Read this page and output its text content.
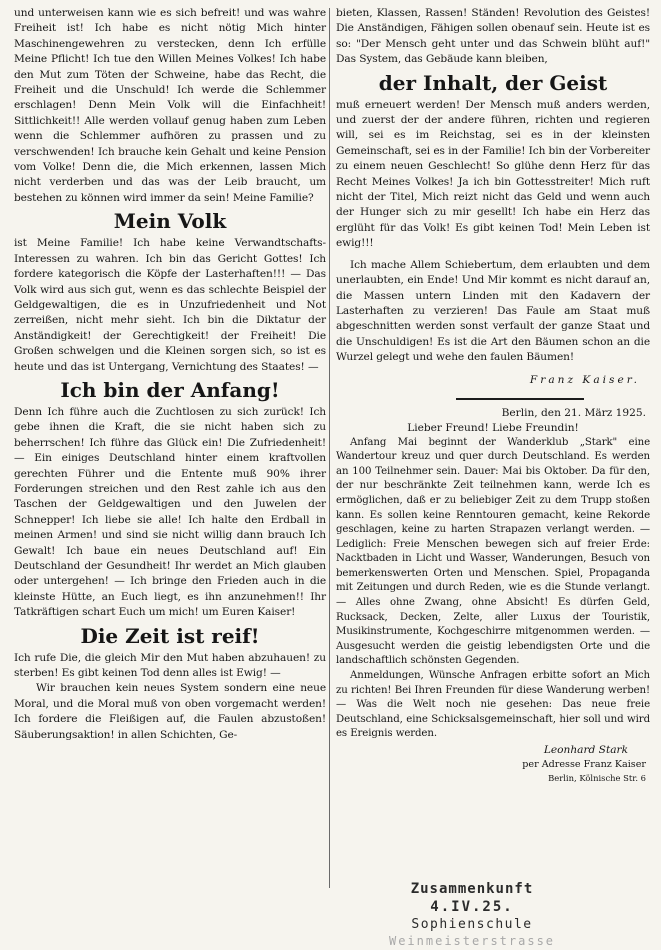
und unterweisen kann wie es sich befreit! und was wahre Freiheit ist! Ich habe es nicht nötig Mich hinter Maschinengewehren zu verstecken, denn Ich erfülle Meine Pflicht! Ich tue den Willen Meines Volkes! Ich habe den Mut zum Töten der Schweine, habe das Recht, die Freiheit und die Unschuld! Ich werde die Schlemmer erschlagen! Denn Mein Volk will die Einfachheit! Sittlichkeit!! Alle werden vollauf genug haben zum Leben wenn die Schlemmer aufhören zu prassen und zu verschwenden! Ich brauche kein Gehalt und keine Pension vom Volke! Denn die, die Mich erkennen, lassen Mich nicht verderben und das was der Leib braucht, um bestehen zu können wird immer da sein! Meine Familie?

Mein Volk

ist Meine Familie! Ich habe keine Verwandtschafts-Interessen zu wahren. Ich bin das Gericht Gottes! Ich fordere kategorisch die Köpfe der Lasterhaften!!! — Das Volk wird aus sich gut, wenn es das schlechte Beispiel der Geldgewaltigen, die es in Unzufriedenheit und Not zerreißen, nicht mehr sieht. Ich bin die Diktatur der Anständigkeit! der Gerechtigkeit! der Freiheit! Die Großen schwelgen und die Kleinen sorgen sich, so ist es heute und das ist Untergang, Vernichtung des Staates! —

Ich bin der Anfang!

Denn Ich führe auch die Zuchtlosen zu sich zurück! Ich gebe ihnen die Kraft, die sie nicht haben sich zu beherrschen! Ich führe das Glück ein! Die Zufriedenheit! — Ein einiges Deutschland hinter einem kraftvollen gerechten Führer und die Entente muß 90% ihrer Forderungen streichen und den Rest zahle ich aus den Taschen der Geldgewaltigen und den Juwelen der Schnepper! Ich liebe sie alle! Ich halte den Erdball in meinen Armen! und sind sie nicht willig dann brauch Ich Gewalt! Ich baue ein neues Deutschland auf! Ein Deutschland der Gesundheit! Ihr werdet an Mich glauben oder untergehen! — Ich bringe den Frieden auch in die kleinste Hütte, an Euch liegt, es ihn anzunehmen!! Ihr Tatkräftigen schart Euch um mich! um Euren Kaiser!

Die Zeit ist reif!

Ich rufe Die, die gleich Mir den Mut haben abzuhauen! zu sterben! Es gibt keinen Tod denn alles ist Ewig! —

Wir brauchen kein neues System sondern eine neue Moral, und die Moral muß von oben vorgemacht werden! Ich fordere die Fleißigen auf, die Faulen abzustoßen! Säuberungsaktion! in allen Schichten, Ge-

bieten, Klassen, Rassen! Ständen! Revolution des Geistes! Die Anständigen, Fähigen sollen obenauf sein. Heute ist es so: "Der Mensch geht unter und das Schwein blüht auf!" Das System, das Gebäude kann bleiben,

der Inhalt, der Geist

muß erneuert werden! Der Mensch muß anders werden, und zuerst der der andere führen, richten und regieren will, sei es im Reichstag, sei es in der kleinsten Gemeinschaft, sei es in der Familie! Ich bin der Vorbereiter zu einem neuen Geschlecht! So glühe denn Herz für das Recht Meines Volkes! Ja ich bin Gottesstreiter! Mich ruft nicht der Titel, Mich reizt nicht das Geld und wenn auch der Hunger sich zu mir gesellt! Ich habe ein Herz das erglüht für das Volk! Es gibt keinen Tod! Mein Leben ist ewig!!!

Ich mache Allem Schiebertum, dem erlaubten und dem unerlaubten, ein Ende! Und Mir kommt es nicht darauf an, die Massen untern Linden mit den Kadavern der Lasterhaften zu verzieren! Das Faule am Staat muß abgeschnitten werden sonst verfault der ganze Staat und die Unschuldigen! Es ist die Art den Bäumen schon an die Wurzel gelegt und wehe den faulen Bäumen!

Franz Kaiser.
Berlin, den 21. März 1925.
Lieber Freund! Liebe Freundin!

Anfang Mai beginnt der Wanderklub „Stark" eine Wandertour kreuz und quer durch Deutschland. Es werden an 100 Teilnehmer sein. Dauer: Mai bis Oktober. Da für den, der nur beschränkte Zeit teilnehmen kann, werde Ich es ermöglichen, daß er zu beliebiger Zeit zu dem Trupp stoßen kann. Es sollen keine Renntouren gemacht, keine Rekorde geschlagen, keine zu harten Strapazen verlangt werden. — Lediglich: Freie Menschen bewegen sich auf freier Erde: Nacktbaden in Licht und Wasser, Wanderungen, Besuch von bemerkenswerten Orten und Menschen. Spiel, Propaganda mit Zeitungen und durch Reden, wie es die Stunde verlangt. — Alles ohne Zwang, ohne Absicht! Es dürfen Geld, Rucksack, Decken, Zelte, aller Luxus der Touristik, Musikinstrumente, Kochgeschirre mitgenommen werden. — Ausgesucht werden die geistig lebendigsten Orte und die landschaftlich schönsten Gegenden.

Anmeldungen, Wünsche Anfragen erbitte sofort an Mich zu richten! Bei Ihren Freunden für diese Wanderung werben! — Was die Welt noch nie gesehen: Das neue freie Deutschland, eine Schicksalsgemeinschaft, hier soll und wird es Ereignis werden.

Leonhard Stark
per Adresse Franz Kaiser
Berlin, Kölnische Str. 6
Zusammenkunft
4.IV.25.
Sophienschule
Weinmeisterstrasse
